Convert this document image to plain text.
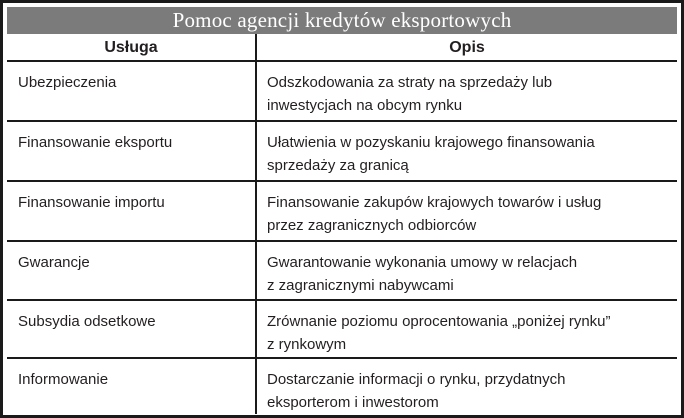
Pomoc agencji kredytów eksportowych
Usługa	Opis
Ubezpieczenia	Odszkodowania za straty na sprzedaży lub
inwestycjach na obcym rynku
Finansowanie eksportu	Ułatwienia w pozyskaniu krajowego finansowania
sprzedaży za granicą
Finansowanie importu	Finansowanie zakupów krajowych towarów i usług
przez zagranicznych odbiorców
Gwarancje	Gwarantowanie wykonania umowy w relacjach
z zagranicznymi nabywcami
Subsydia odsetkowe	Zrównanie poziomu oprocentowania „poniżej rynku”
z rynkowym
Informowanie	Dostarczanie informacji o rynku, przydatnych
eksporterom i inwestorom
